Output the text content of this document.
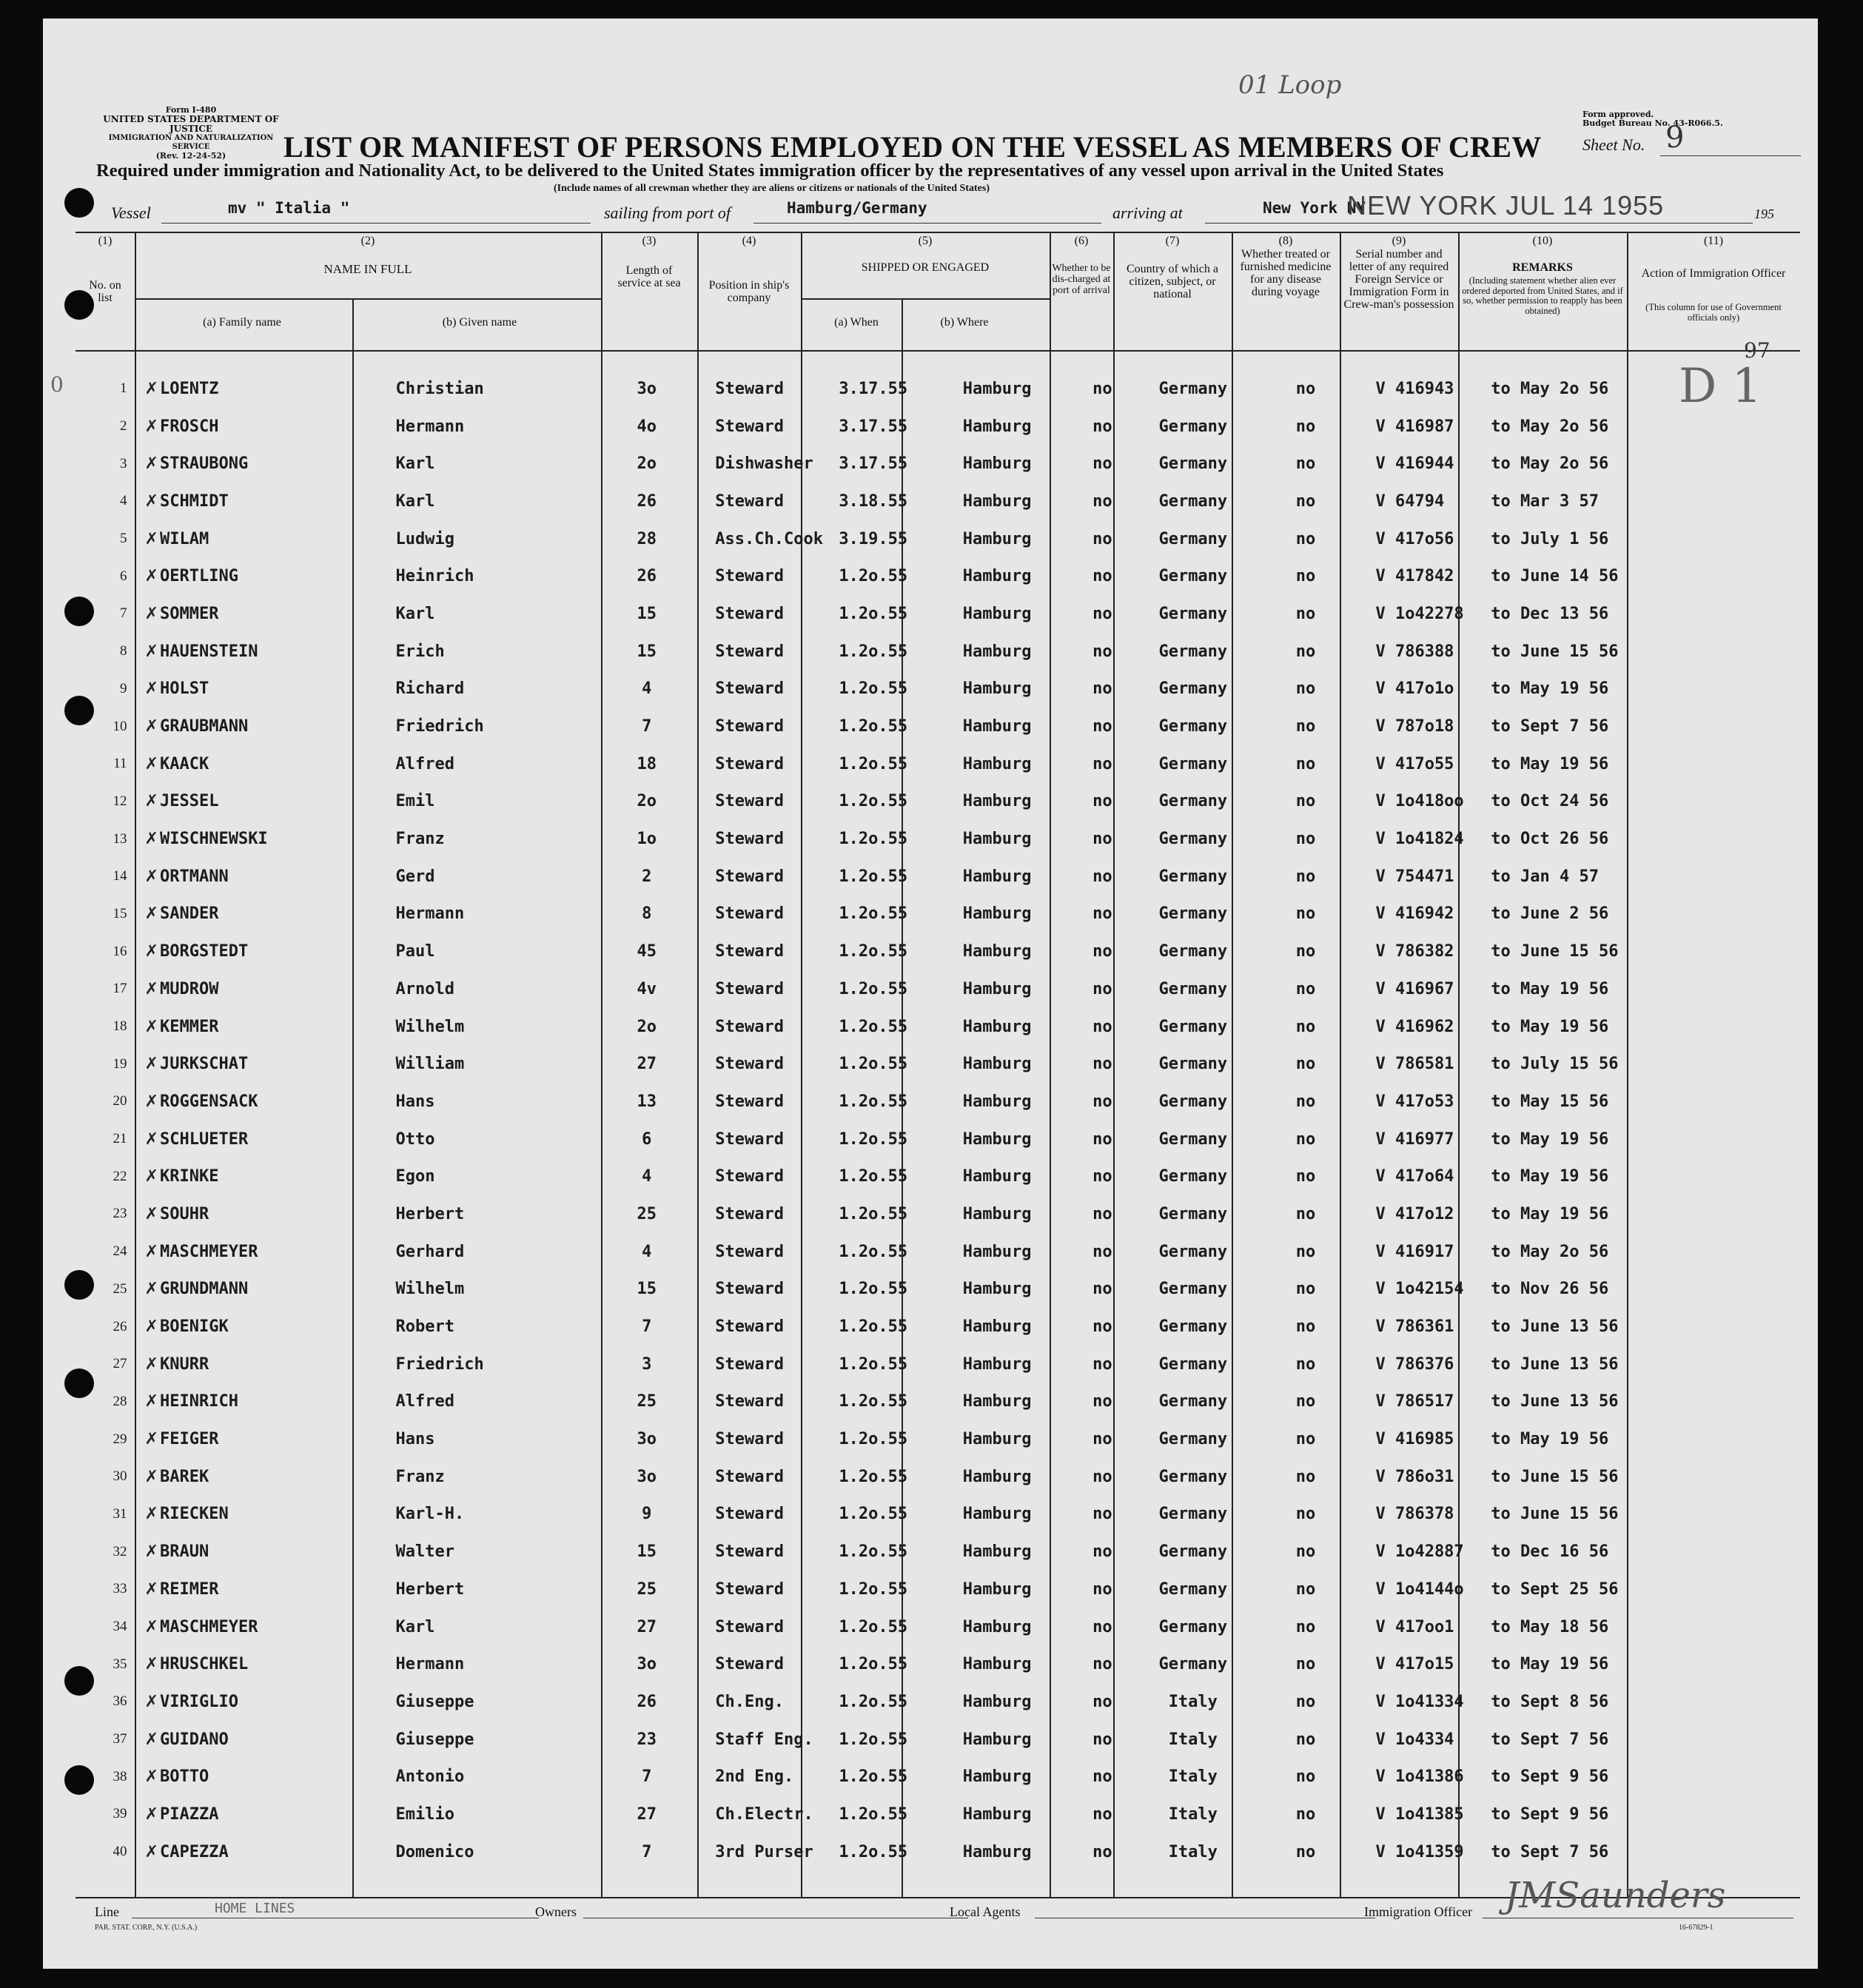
Form I-480
UNITED STATES DEPARTMENT OF JUSTICE
IMMIGRATION AND NATURALIZATION SERVICE
(Rev. 12-24-52)
01 Loop
Form approved.
Budget Bureau No. 43-R066.5.
LIST OR MANIFEST OF PERSONS EMPLOYED ON THE VESSEL AS MEMBERS OF CREW	Sheet No. 9
Required under immigration and Nationality Act, to be delivered to the United States immigration officer by the representatives of any vessel upon arrival in the United States
(Include names of all crewman whether they are aliens or citizens or nationals of the United States)
Vessel	mv " Italia "	sailing from port of	Hamburg/Germany	arriving at	New York NY
NEW YORK JUL 14 1955	195
(1)
No. on list
(2)
NAME IN FULL
(a) Family name	(b) Given name
(3)
Length of service at sea
(4)
Position in ship's company
(5)
SHIPPED OR ENGAGED
(a) When	(b) Where
(6)
Whether to be dis-charged at port of arrival
(7)
Country of which a citizen, subject, or national
(8)
Whether treated or furnished medicine for any disease during voyage
(9)
Serial number and letter of any required Foreign Service or Immigration Form in Crew-man's possession
(10)
REMARKS
(Including statement whether alien ever ordered deported from United States, and if so, whether permission to reapply has been obtained)
(11)
Action of Immigration Officer
(This column for use of Government officials only)
97
D 1
0	1	✗ LOENTZ	Christian	3o	Steward	3.17.55	Hamburg	no	Germany	no	V 416943	to May 2o 56	
2	✗ FROSCH	Hermann	4o	Steward	3.17.55	Hamburg	no	Germany	no	V 416987	to May 2o 56	
3	✗ STRAUBONG	Karl	2o	Dishwasher	3.17.55	Hamburg	no	Germany	no	V 416944	to May 2o 56	
4	✗ SCHMIDT	Karl	26	Steward	3.18.55	Hamburg	no	Germany	no	V 64794	to Mar 3 57	
5	✗ WILAM	Ludwig	28	Ass.Ch.Cook	3.19.55	Hamburg	no	Germany	no	V 417o56	to July 1 56	
6	✗ OERTLING	Heinrich	26	Steward	1.2o.55	Hamburg	no	Germany	no	V 417842	to June 14 56	
7	✗ SOMMER	Karl	15	Steward	1.2o.55	Hamburg	no	Germany	no	V 1o42278	to Dec 13 56	
8	✗ HAUENSTEIN	Erich	15	Steward	1.2o.55	Hamburg	no	Germany	no	V 786388	to June 15 56	
9	✗ HOLST	Richard	4	Steward	1.2o.55	Hamburg	no	Germany	no	V 417o1o	to May 19 56	
10	✗ GRAUBMANN	Friedrich	7	Steward	1.2o.55	Hamburg	no	Germany	no	V 787o18	to Sept 7 56	
11	✗ KAACK	Alfred	18	Steward	1.2o.55	Hamburg	no	Germany	no	V 417o55	to May 19 56	
12	✗ JESSEL	Emil	2o	Steward	1.2o.55	Hamburg	no	Germany	no	V 1o418oo	to Oct 24 56	
13	✗ WISCHNEWSKI	Franz	1o	Steward	1.2o.55	Hamburg	no	Germany	no	V 1o41824	to Oct 26 56	
14	✗ ORTMANN	Gerd	2	Steward	1.2o.55	Hamburg	no	Germany	no	V 754471	to Jan 4 57	
15	✗ SANDER	Hermann	8	Steward	1.2o.55	Hamburg	no	Germany	no	V 416942	to June 2 56	
16	✗ BORGSTEDT	Paul	45	Steward	1.2o.55	Hamburg	no	Germany	no	V 786382	to June 15 56	
17	✗ MUDROW	Arnold	4v	Steward	1.2o.55	Hamburg	no	Germany	no	V 416967	to May 19 56	
18	✗ KEMMER	Wilhelm	2o	Steward	1.2o.55	Hamburg	no	Germany	no	V 416962	to May 19 56	
19	✗ JURKSCHAT	William	27	Steward	1.2o.55	Hamburg	no	Germany	no	V 786581	to July 15 56	
20	✗ ROGGENSACK	Hans	13	Steward	1.2o.55	Hamburg	no	Germany	no	V 417o53	to May 15 56	
21	✗ SCHLUETER	Otto	6	Steward	1.2o.55	Hamburg	no	Germany	no	V 416977	to May 19 56	
22	✗ KRINKE	Egon	4	Steward	1.2o.55	Hamburg	no	Germany	no	V 417o64	to May 19 56	
23	✗ SOUHR	Herbert	25	Steward	1.2o.55	Hamburg	no	Germany	no	V 417o12	to May 19 56	
24	✗ MASCHMEYER	Gerhard	4	Steward	1.2o.55	Hamburg	no	Germany	no	V 416917	to May 2o 56	
25	✗ GRUNDMANN	Wilhelm	15	Steward	1.2o.55	Hamburg	no	Germany	no	V 1o42154	to Nov 26 56	
26	✗ BOENIGK	Robert	7	Steward	1.2o.55	Hamburg	no	Germany	no	V 786361	to June 13 56	
27	✗ KNURR	Friedrich	3	Steward	1.2o.55	Hamburg	no	Germany	no	V 786376	to June 13 56	
28	✗ HEINRICH	Alfred	25	Steward	1.2o.55	Hamburg	no	Germany	no	V 786517	to June 13 56	
29	✗ FEIGER	Hans	3o	Steward	1.2o.55	Hamburg	no	Germany	no	V 416985	to May 19 56	
30	✗ BAREK	Franz	3o	Steward	1.2o.55	Hamburg	no	Germany	no	V 786o31	to June 15 56	
31	✗ RIECKEN	Karl-H.	9	Steward	1.2o.55	Hamburg	no	Germany	no	V 786378	to June 15 56	
32	✗ BRAUN	Walter	15	Steward	1.2o.55	Hamburg	no	Germany	no	V 1o42887	to Dec 16 56	
33	✗ REIMER	Herbert	25	Steward	1.2o.55	Hamburg	no	Germany	no	V 1o4144o	to Sept 25 56	
34	✗ MASCHMEYER	Karl	27	Steward	1.2o.55	Hamburg	no	Germany	no	V 417oo1	to May 18 56	
35	✗ HRUSCHKEL	Hermann	3o	Steward	1.2o.55	Hamburg	no	Germany	no	V 417o15	to May 19 56	
36	✗ VIRIGLIO	Giuseppe	26	Ch.Eng.	1.2o.55	Hamburg	no	Italy	no	V 1o41334	to Sept 8 56	
37	✗ GUIDANO	Giuseppe	23	Staff Eng.	1.2o.55	Hamburg	no	Italy	no	V 1o4334	to Sept 7 56	
38	✗ BOTTO	Antonio	7	2nd Eng.	1.2o.55	Hamburg	no	Italy	no	V 1o41386	to Sept 9 56	
39	✗ PIAZZA	Emilio	27	Ch.Electr.	1.2o.55	Hamburg	no	Italy	no	V 1o41385	to Sept 9 56	
40	✗ CAPEZZA	Domenico	7	3rd Purser	1.2o.55	Hamburg	no	Italy	no	V 1o41359	to Sept 7 56	
Line	HOME LINES	Owners	Local Agents	Immigration Officer JMSaunders
PAR. STAT. CORP., N.Y. (U.S.A.)	16-67829-1
